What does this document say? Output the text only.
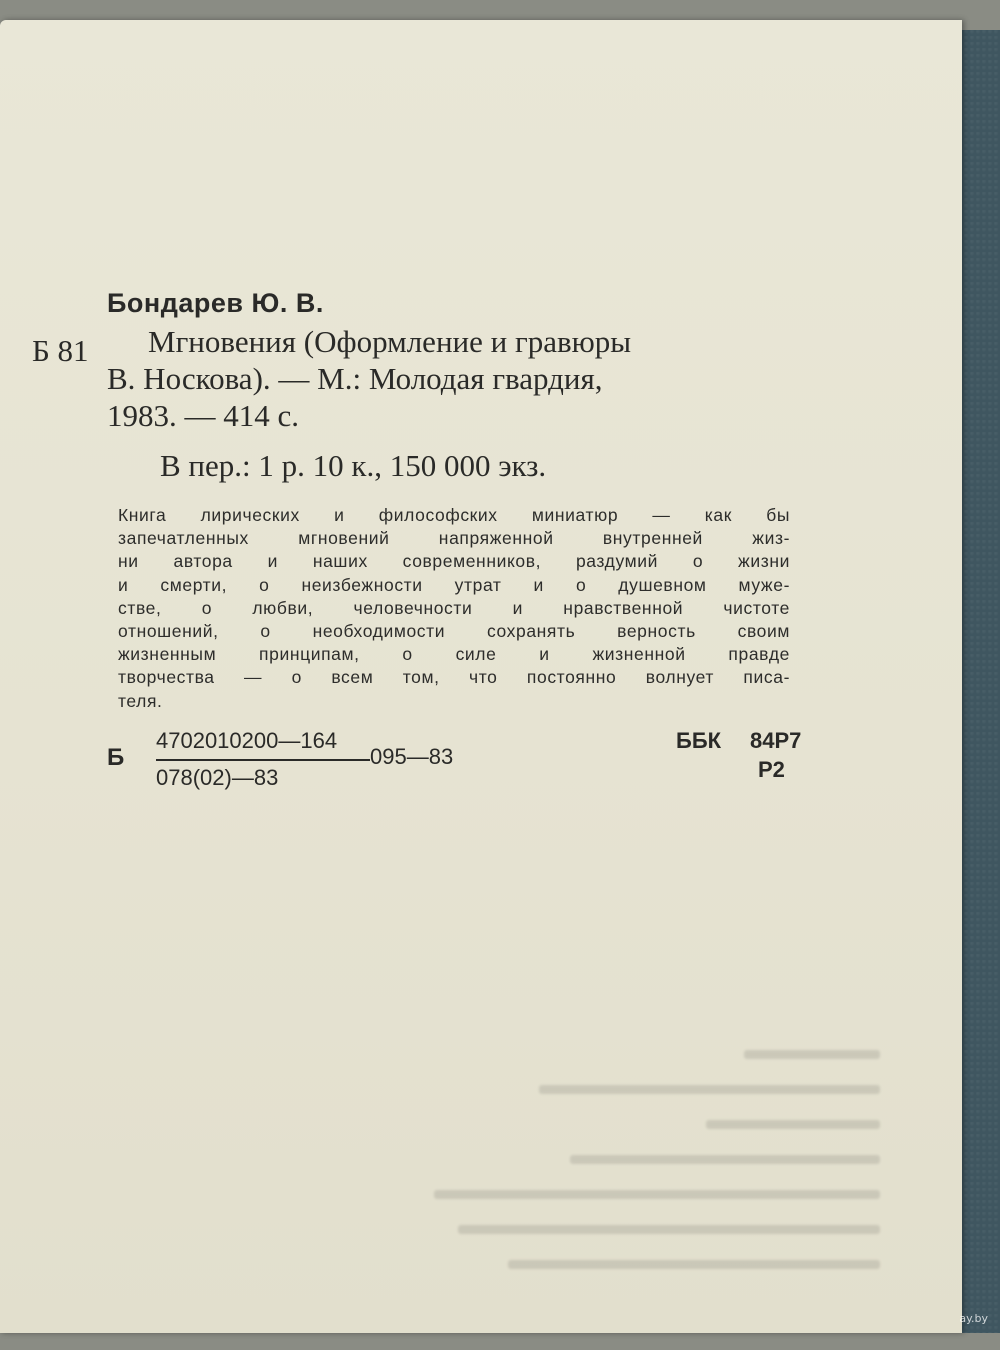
Бондарев Ю. В.
Б 81 Мгновения (Оформление и гравюры
В. Носкова). — М.: Молодая гвардия,
1983. — 414 с.
В пер.: 1 р. 10 к., 150 000 экз.
Книга лирических и философских миниатюр — как бы
запечатленных мгновений напряженной внутренней жиз-
ни автора и наших современников, раздумий о жизни
и смерти, о неизбежности утрат и о душевном муже-
стве, о любви, человечности и нравственной чистоте
отношений, о необходимости сохранять верность своим
жизненным принципам, о силе и жизненной правде
творчества — о всем том, что постоянно волнует писа-
теля.
Б
4702010200—164
078(02)—83
095—83
ББК 84Р7
Р2
ay.by
